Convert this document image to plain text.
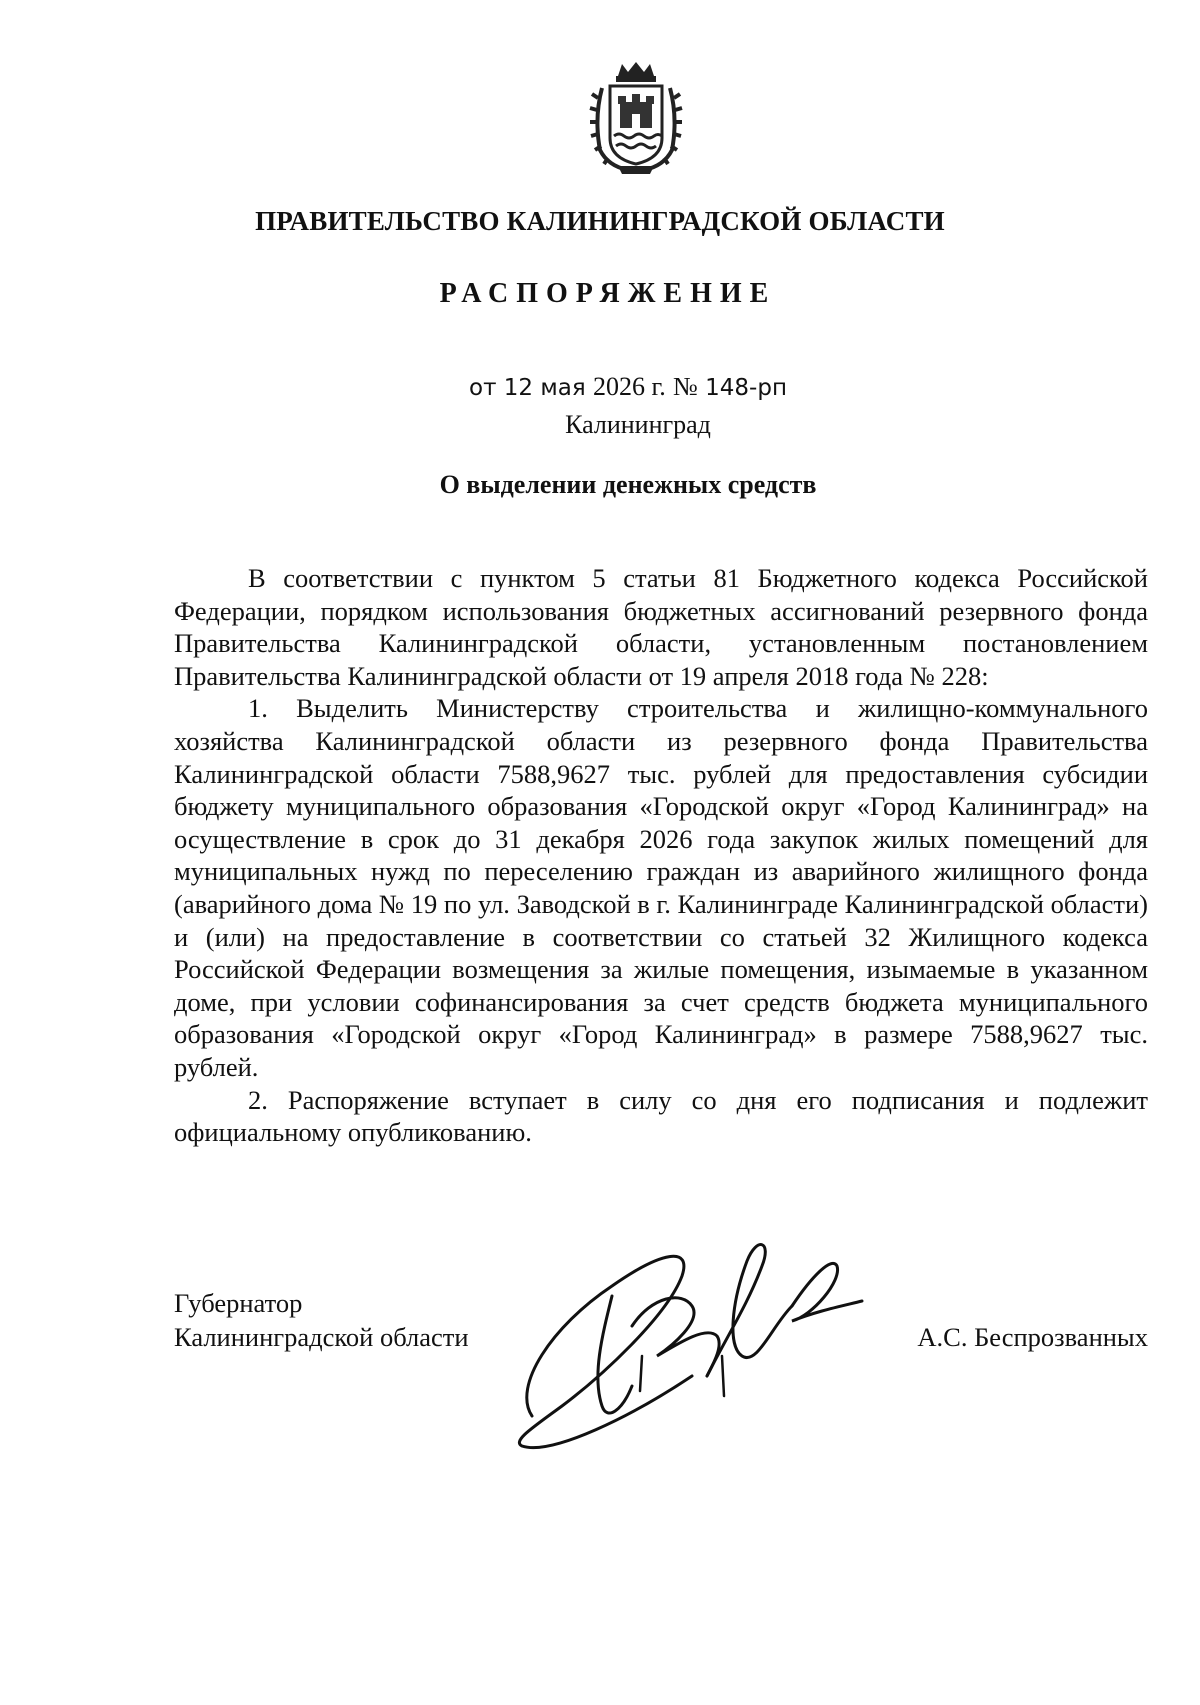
ПРАВИТЕЛЬСТВО КАЛИНИНГРАДСКОЙ ОБЛАСТИ
РАСПОРЯЖЕНИЕ
от 12 мая 2026 г. № 148-рп
Калининград
О выделении денежных средств

В соответствии с пунктом 5 статьи 81 Бюджетного кодекса Российской Федерации, порядком использования бюджетных ассигнований резервного фонда Правительства Калининградской области, установленным постановлением Правительства Калининградской области от 19 апреля 2018 года № 228:

1. Выделить Министерству строительства и жилищно-коммунального хозяйства Калининградской области из резервного фонда Правительства Калининградской области 7588,9627 тыс. рублей для предоставления субсидии бюджету муниципального образования «Городской округ «Город Калининград» на осуществление в срок до 31 декабря 2026 года закупок жилых помещений для муниципальных нужд по переселению граждан из аварийного жилищного фонда (аварийного дома № 19 по ул. Заводской в г. Калининграде Калининградской области) и (или) на предоставление в соответствии со статьей 32 Жилищного кодекса Российской Федерации возмещения за жилые помещения, изымаемые в указанном доме, при условии софинансирования за счет средств бюджета муниципального образования «Городской округ «Город Калининград» в размере 7588,9627 тыс. рублей.

2. Распоряжение вступает в силу со дня его подписания и подлежит официальному опубликованию.

Губернатор
Калининградской области	А.С. Беспрозванных
